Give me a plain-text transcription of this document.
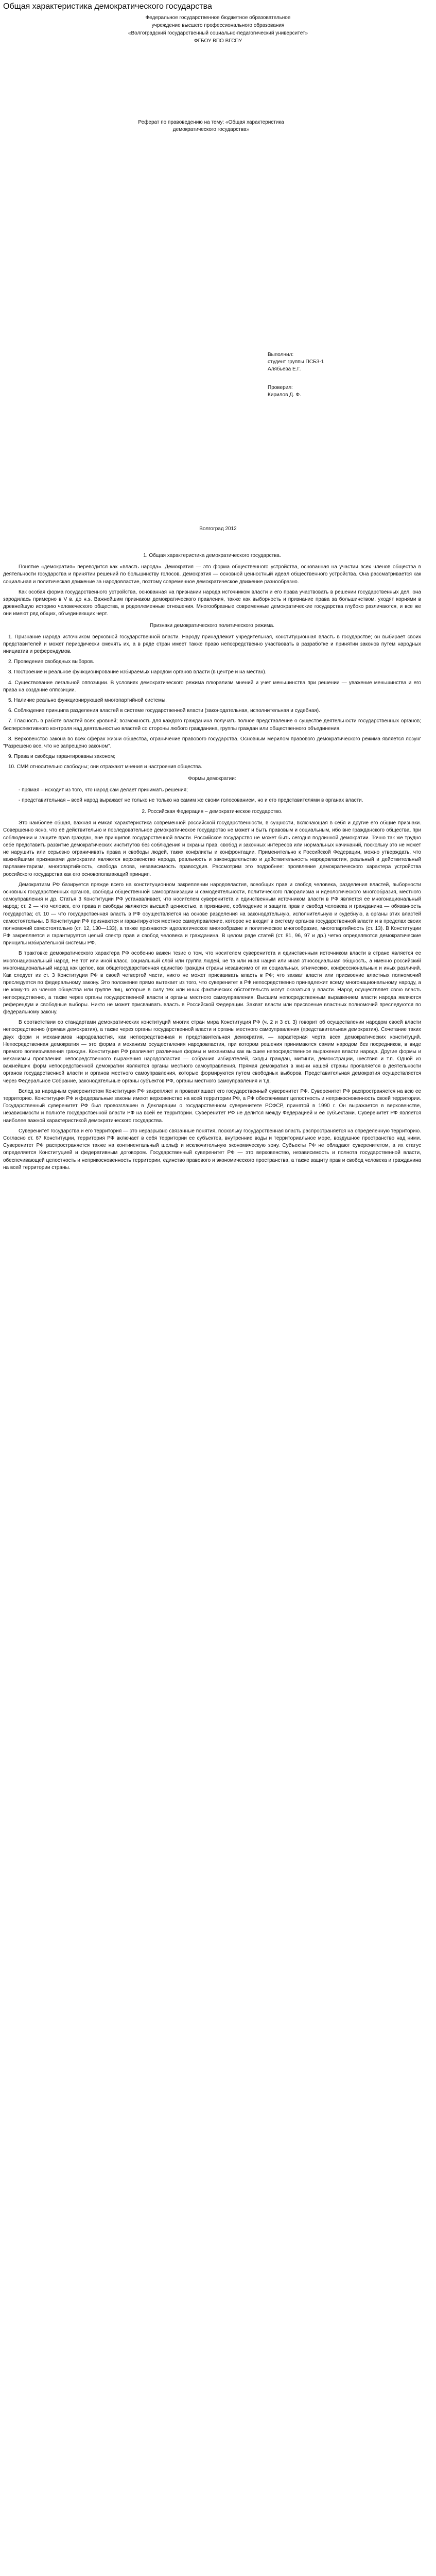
Общая характеристика демократического государства
Федеральное государственное бюджетное образовательное
учреждение высшего профессионального образования
«Волгоградский государственный социально-педагогический университет»
ФГБОУ ВПО ВГСПУ
Реферат по правоведению на тему: «Общая характеристика демократического государства»
Выполнил:
студент группы ПСБЗ-1
Алябьева Е.Г.
Проверил:
Кирилов Д. Ф.
Волгоград 2012

1. Общая характеристика демократического государства.

Понятие «демократия» переводится как «власть народа». Демократия — это форма общественного устройства, основанная на участии всех членов общества в деятельности государства и принятии решений по большинству голосов. Демократия — основной ценностный идеал общественного устройства. Она рассматривается как социальная и политическая движение за народовластие, поэтому современное демократическое движение разнообразно.

Как особая форма государственного устройства, основанная на признании народа источником власти и его права участвовать в решении государственных дел, она зародилась примерно в V в. до н.э. Важнейшим признаком демократического правления, также как выборность и признание права за большинством, уходят корнями в древнейшую историю человеческого общества, в родоплеменные отношения. Многообразные современные демократические государства глубоко различаются, и все же они имеют ряд общих, объединяющих черт.

Признаки демократического политического режима.

1. Признание народа источником верховной государственной власти. Народу принадлежит учредительная, конституционная власть в государстве; он выбирает своих представителей и может периодически сменять их, а в ряде стран имеет также право непосредственно участвовать в разработке и принятии законов путем народных инициатив и референдумов.

2. Проведение свободных выборов.

3. Построение и реальное функционирование избираемых народом органов власти (в центре и на местах).

4. Существование легальной оппозиции. В условиях демократического режима плюрализм мнений и учет меньшинства при решении — уважение меньшинства и его права на создание оппозиции.

5. Наличие реально функционирующей многопартийной системы.

6. Соблюдение принципа разделения властей в системе государственной власти (законодательная, исполнительная и судебная).

7. Гласность в работе властей всех уровней; возможность для каждого гражданина получать полное представление о существе деятельности государственных органов; бесперспективного контроля над деятельностью властей со стороны любого гражданина, группы граждан или общественного объединения.

8. Верховенство закона во всех сферах жизни общества, ограничение правового государства. Основным мерилом правового демократического режима является лозунг "Разрешено все, что не запрещено законом".

9. Права и свободы гарантированы законом;

10. СМИ относительно свободны; они отражают мнения и настроения общества.

Формы демократии:

- прямая – исходит из того, что народ сам делает принимать решения;

- представительная – всей народ выражает не только не только на самим же своим голосованием, но и его представителями в органах власти.

2. Российская Федерация – демократическое государство.

Это наиболее общая, важная и емкая характеристика современной российской государственности, в сущности, включающая в себя и другие его общие признаки. Совершенно ясно, что её действительно и последовательное демократическое государство не может и быть правовым и социальным, ибо вне гражданского общества, при соблюдении и защите прав граждан, вне принципов государственной власти. Российское государство не может быть сегодня подлинной демократии. Точно так же трудно себе представить развитие демократических институтов без соблюдения и охраны прав, свобод и законных интересов или нормальных начинаний, поскольку это не может не нарушить или серьезно ограничивать права и свободы людей, таких конфликты и конфронтации. Применительно к Российской Федерации, можно утверждать, что важнейшими признаками демократии являются верховенство народа, реальность и законодательство и действительность народовластия, реальный и действительный парламентаризм, многопартийность, свобода слова, независимость правосудия. Рассмотрим это подробнее: проявление демократического характера устройства российского государства как его основополагающий принцип.

Демократизм РФ базируется прежде всего на конституционном закреплении народовластия, всеобщих прав и свобод человека, разделения властей, выборности основных государственных органов, свободы общественной самоорганизации и самодеятельности, политического плюрализма и идеологического многообразия, местного самоуправления и др. Статья 3 Конституции РФ устанавливает, что носителем суверенитета и единственным источником власти в РФ является ее многонациональный народ; ст. 2 — что человек, его права и свободы являются высшей ценностью, а признание, соблюдение и защита прав и свобод человека и гражданина — обязанность государства; ст. 10 — что государственная власть в РФ осуществляется на основе разделения на законодательную, исполнительную и судебную, а органы этих властей самостоятельны. В Конституции РФ признаются и гарантируются местное самоуправление, которое не входит в систему органов государственной власти и в пределах своих полномочий самостоятельно (ст. 12, 130—133), а также признаются идеологическое многообразие и политическое многообразие, многопартийность (ст. 13). В Конституции РФ закрепляется и гарантируется целый спектр прав и свобод человека и гражданина. В целом ряде статей (ст. 81, 96, 97 и др.) четко определяются демократические принципы избирательной системы РФ.

В трактовке демократического характера РФ особенно важен тезис о том, что носителем суверенитета и единственным источником власти в стране является ее многонациональный народ. Не тот или иной класс, социальный слой или группа людей, не та или иная нация или иная этносоциальная общность, а именно российский многонациональный народ как целое, как общегосударственная единство граждан страны независимо от их социальных, этнических, конфессиональных и иных различий. Как следует из ст. 3 Конституции РФ в своей четвертой части, никто не может присваивать власть в РФ; что захват власти или присвоение властных полномочий преследуется по федеральному закону. Это положение прямо вытекает из того, что суверенитет в РФ непосредственно принадлежит всему многонациональному народу, а не кому-то из членов общества или группе лиц, которые в силу тех или иных фактических обстоятельств могут оказаться у власти. Народ осуществляет свою власть непосредственно, а также через органы государственной власти и органы местного самоуправления. Высшим непосредственным выражением власти народа являются референдум и свободные выборы. Никто не может присваивать власть в Российской Федерации. Захват власти или присвоение властных полномочий преследуются по федеральному закону.

В соответствии со стандартами демократических конституций многих стран мира Конституция РФ (ч. 2 и 3 ст. 3) говорит об осуществлении народом своей власти непосредственно (прямая демократия), а также через органы государственной власти и органы местного самоуправления (представительная демократия). Сочетание таких двух форм и механизмов народовластия, как непосредственная и представительная демократия, — характерная черта всех демократических конституций. Непосредственная демократия — это форма и механизм осуществления народовластия, при котором решения принимаются самим народом без посредников, в виде прямого волеизъявления граждан. Конституция РФ различает различные формы и механизмы как высшее непосредственное выражение власти народа. Другие формы и механизмы проявления непосредственного выражения народовластия — собрания избирателей, сходы граждан, митинги, демонстрации, шествия и т.п. Одной из важнейших форм непосредственной демократии являются органы местного самоуправления. Прямая демократия в жизни нашей страны проявляется в деятельности органов государственной власти и органов местного самоуправления, которые формируются путем свободных выборов. Представительная демократия осуществляется через Федеральное Собрание, законодательные органы субъектов РФ, органы местного самоуправления и т.д.

Вслед за народным суверенитетом Конституция РФ закрепляет и провозглашает его государственный суверенитет РФ. Суверенитет РФ распространяется на всю ее территорию. Конституция РФ и федеральные законы имеют верховенство на всей территории РФ, а РФ обеспечивает целостность и неприкосновенность своей территории. Государственный суверенитет РФ был провозглашен в Декларации о государственном суверенитете РСФСР, принятой в 1990 г. Он выражается в верховенстве, независимости и полноте государственной власти РФ на всей ее территории. Суверенитет РФ не делится между Федерацией и ее субъектами. Суверенитет РФ является наиболее важной характеристикой демократического государства.

Суверенитет государства и его территория — это неразрывно связанные понятия, поскольку государственная власть распространяется на определенную территорию. Согласно ст. 67 Конституции, территория РФ включает в себя территории ее субъектов, внутренние воды и территориальное море, воздушное пространство над ними. Суверенитет РФ распространяется также на континентальный шельф и исключительную экономическую зону. Субъекты РФ не обладают суверенитетом, а их статус определяется Конституцией и федеративным договором. Государственный суверенитет РФ — это верховенство, независимость и полнота государственной власти, обеспечивающей целостность и неприкосновенность территории, единство правового и экономического пространства, а также защиту прав и свобод человека и гражданина на всей территории страны.
